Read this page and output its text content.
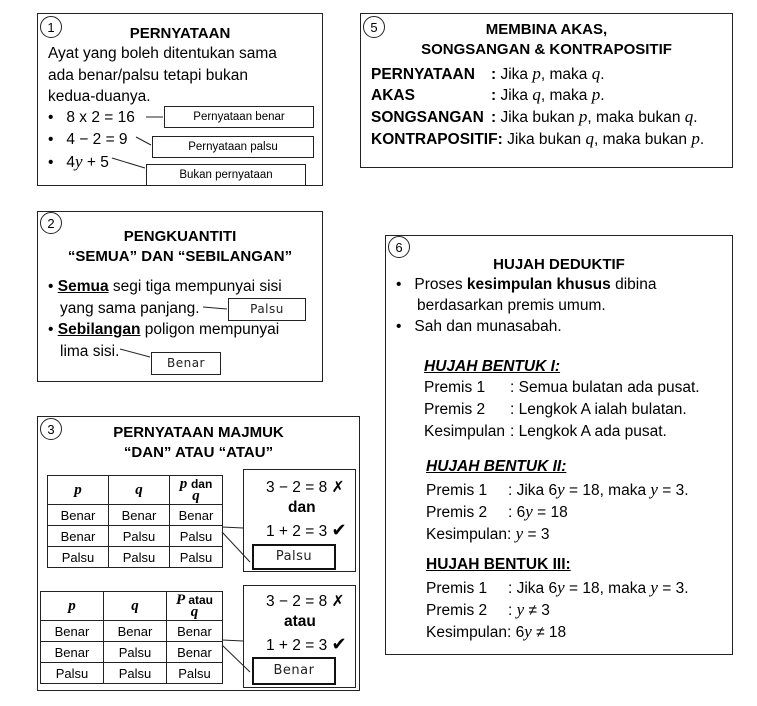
PERNYATAAN
Ayat yang boleh ditentukan sama
ada benar/palsu tetapi bukan
kedua-duanya.
• 8 x 2 = 16
• 4 − 2 = 9
• 4y + 5
Pernyataan benar
Pernyataan palsu
Bukan pernyataan
1	MEMBINA AKAS,
SONGSANGAN & KONTRAPOSITIF
PERNYATAAN : Jika p, maka q.
AKAS	: Jika q, maka p.
SONGSANGAN : Jika bukan p, maka bukan q.
KONTRAPOSITIF: Jika bukan q, maka bukan p.
5
PENGKUANTITI
“SEMUA” DAN “SEBILANGAN”
• Semua segi tiga mempunyai sisi
yang sama panjang.
• Sebilangan poligon mempunyai
lima sisi.
Palsu
Benar
2
HUJAH DEDUKTIF
•   Proses kesimpulan khusus dibina
berdasarkan premis umum.
•   Sah dan munasabah.
HUJAH BENTUK I:
Premis 1 : Semua bulatan ada pusat.
Premis 2 : Lengkok A ialah bulatan.
Kesimpulan : Lengkok A ada pusat.
HUJAH BENTUK II:
Premis 1 : Jika 6y = 18, maka y = 3.
Premis 2 : 6y = 18
Kesimpulan: y = 3
HUJAH BENTUK III:
Premis 1 : Jika 6y = 18, maka y = 3.
Premis 2 : y ≠ 3
Kesimpulan: 6y ≠ 18
6
PERNYATAAN MAJMUK
“DAN” ATAU “ATAU”
p	q	p dan
q
Benar	Benar	Benar
Benar	Palsu	Palsu
Palsu	Palsu	Palsu
3 − 2 = 8 ✗
dan
1 + 2 = 3 ✔
Palsu
p	q	P atau
q
Benar	Benar	Benar
Benar	Palsu	Benar
Palsu	Palsu	Palsu
3 − 2 = 8 ✗
atau
1 + 2 = 3 ✔
Benar
3
